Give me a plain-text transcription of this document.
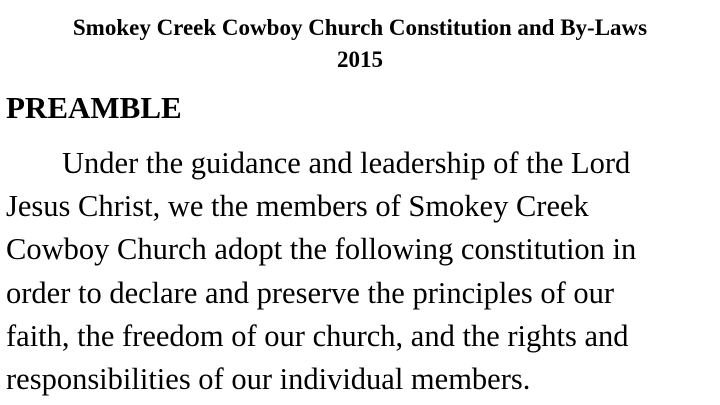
Smokey Creek Cowboy Church Constitution and By-Laws
2015
PREAMBLE

Under the guidance and leadership of the Lord
Jesus Christ, we the members of Smokey Creek
Cowboy Church adopt the following constitution in
order to declare and preserve the principles of our
faith, the freedom of our church, and the rights and
responsibilities of our individual members.
